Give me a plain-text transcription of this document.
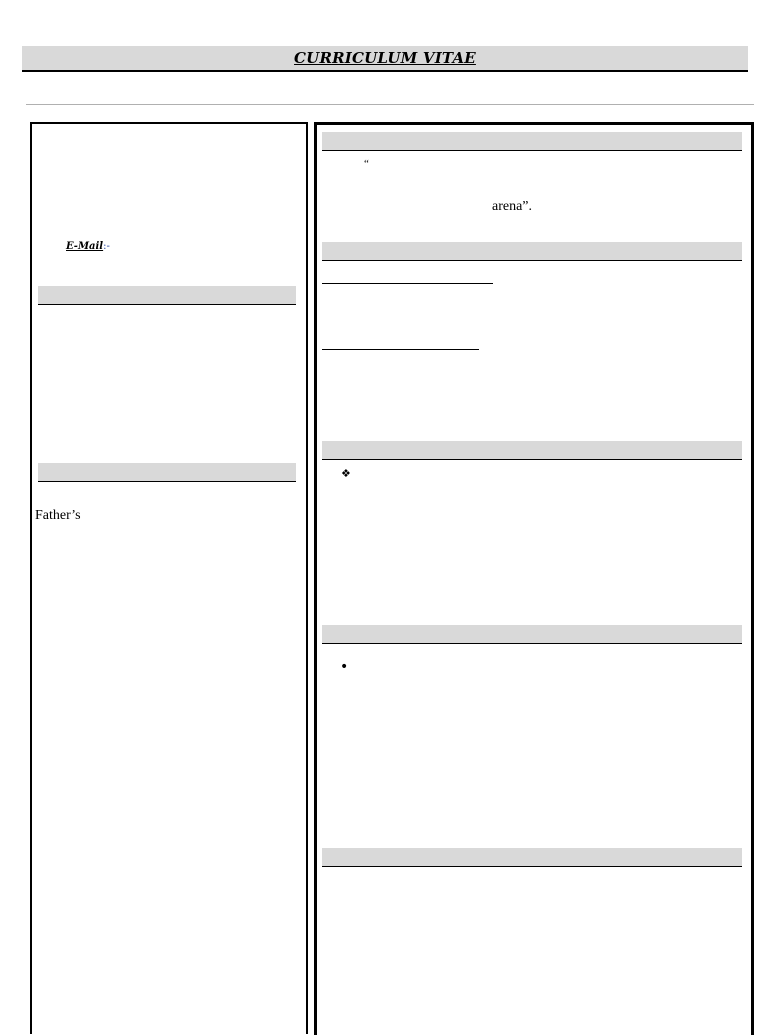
CURRICULUM VITAE
E-Mail:-
Father’s
“
arena”.
❖
•
